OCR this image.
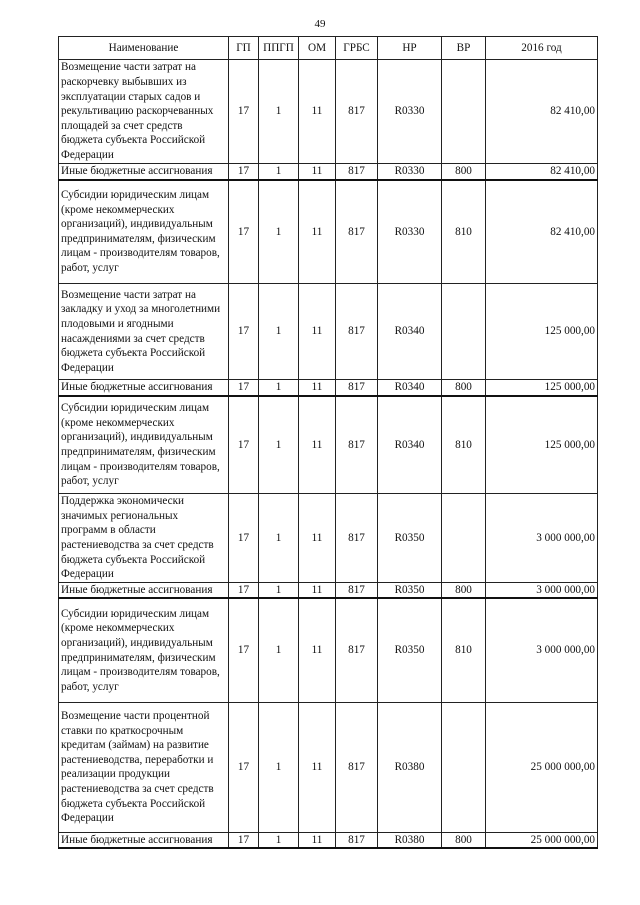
49
Наименование	ГП	ППГП	ОМ	ГРБС	НР	ВР	2016 год
Возмещение части затрат на раскорчевку выбывших из эксплуатации старых садов и рекультивацию раскорчеванных площадей за счет средств бюджета субъекта Российской Федерации	17	1	11	817	R0330		82 410,00
Иные бюджетные ассигнования	17	1	11	817	R0330	800	82 410,00
Субсидии юридическим лицам (кроме некоммерческих организаций), индивидуальным предпринимателям, физическим лицам - производителям товаров, работ, услуг	17	1	11	817	R0330	810	82 410,00
Возмещение части затрат на закладку и уход за многолетними плодовыми и ягодными насаждениями за счет средств бюджета субъекта Российской Федерации	17	1	11	817	R0340		125 000,00
Иные бюджетные ассигнования	17	1	11	817	R0340	800	125 000,00
Субсидии юридическим лицам (кроме некоммерческих организаций), индивидуальным предпринимателям, физическим лицам - производителям товаров, работ, услуг	17	1	11	817	R0340	810	125 000,00
Поддержка экономически значимых региональных программ в области растениеводства за счет средств бюджета субъекта Российской Федерации	17	1	11	817	R0350		3 000 000,00
Иные бюджетные ассигнования	17	1	11	817	R0350	800	3 000 000,00
Субсидии юридическим лицам (кроме некоммерческих организаций), индивидуальным предпринимателям, физическим лицам - производителям товаров, работ, услуг	17	1	11	817	R0350	810	3 000 000,00
Возмещение части процентной ставки по краткосрочным кредитам (займам) на развитие растениеводства, переработки и реализации продукции растениеводства за счет средств бюджета субъекта Российской Федерации	17	1	11	817	R0380		25 000 000,00
Иные бюджетные ассигнования	17	1	11	817	R0380	800	25 000 000,00
